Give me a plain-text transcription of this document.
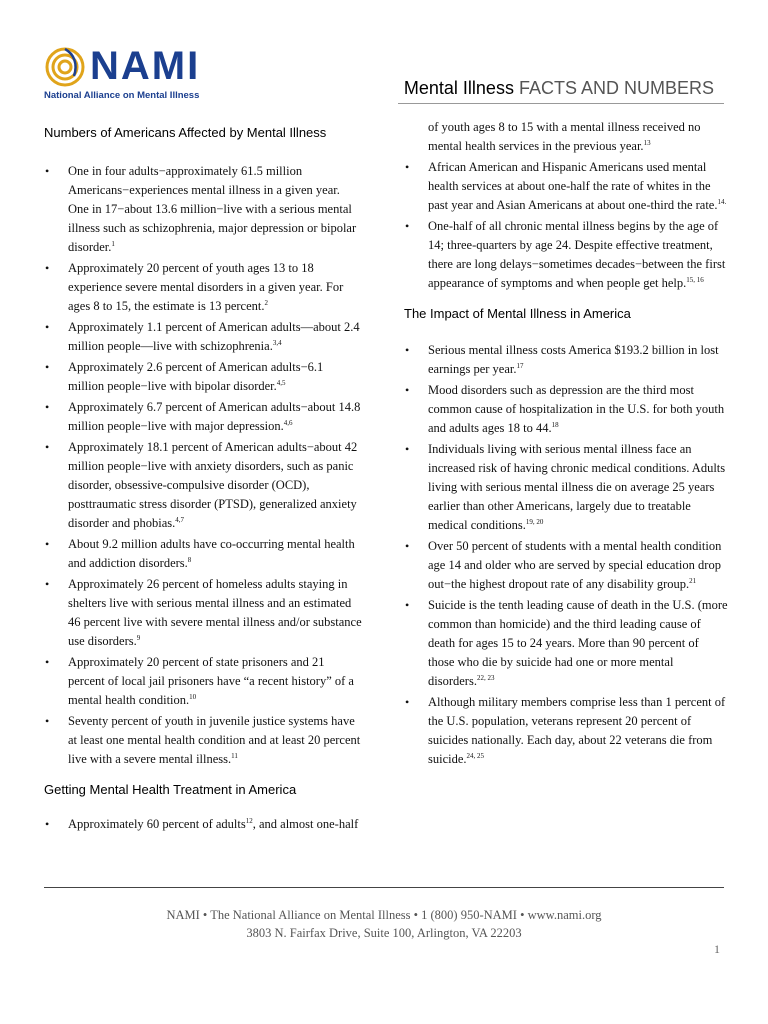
NAMI
National Alliance on Mental Illness	Mental Illness FACTS AND NUMBERS
Numbers of Americans Affected by Mental Illness
• One in four adults−approximately 61.5 million Americans−experiences mental illness in a given year. One in 17−about 13.6 million−live with a serious mental illness such as schizophrenia, major depression or bipolar disorder.$^1$
• Approximately 20 percent of youth ages 13 to 18 experience severe mental disorders in a given year. For ages 8 to 15, the estimate is 13 percent.$^2$
• Approximately 1.1 percent of American adults—about 2.4 million people—live with schizophrenia.$^{3,4}$
• Approximately 2.6 percent of American adults−6.1 million people−live with bipolar disorder.$^{4,5}$
• Approximately 6.7 percent of American adults−about 14.8 million people−live with major depression.$^{4,6}$
• Approximately 18.1 percent of American adults−about 42 million people−live with anxiety disorders, such as panic disorder, obsessive-compulsive disorder (OCD), posttraumatic stress disorder (PTSD), generalized anxiety disorder and phobias.$^{4,7}$
• About 9.2 million adults have co-occurring mental health and addiction disorders.$^8$
• Approximately 26 percent of homeless adults staying in shelters live with serious mental illness and an estimated 46 percent live with severe mental illness and/or substance use disorders.$^9$
• Approximately 20 percent of state prisoners and 21 percent of local jail prisoners have “a recent history” of a mental health condition.$^{10}$
• Seventy percent of youth in juvenile justice systems have at least one mental health condition and at least 20 percent live with a severe mental illness.$^{11}$
Getting Mental Health Treatment in America
• Approximately 60 percent of adults$^{12}$, and almost one-half
of youth ages 8 to 15 with a mental illness received no mental health services in the previous year.$^{13}$
• African American and Hispanic Americans used mental health services at about one-half the rate of whites in the past year and Asian Americans at about one-third the rate.$^{14.}$
• One-half of all chronic mental illness begins by the age of 14; three-quarters by age 24. Despite effective treatment, there are long delays−sometimes decades−between the first appearance of symptoms and when people get help.$^{15, 16}$
The Impact of Mental Illness in America
• Serious mental illness costs America $193.2 billion in lost earnings per year.$^{17}$
• Mood disorders such as depression are the third most common cause of hospitalization in the U.S. for both youth and adults ages 18 to 44.18
• Individuals living with serious mental illness face an increased risk of having chronic medical conditions. Adults living with serious mental illness die on average 25 years earlier than other Americans, largely due to treatable medical conditions.$^{19, 20}$
• Over 50 percent of students with a mental health condition age 14 and older who are served by special education drop out−the highest dropout rate of any disability group.$^{21}$
• Suicide is the tenth leading cause of death in the U.S. (more common than homicide) and the third leading cause of death for ages 15 to 24 years. More than 90 percent of those who die by suicide had one or more mental disorders.$^{22, 23}$
• Although military members comprise less than 1 percent of the U.S. population, veterans represent 20 percent of suicides nationally. Each day, about 22 veterans die from suicide.$^{24, 25}$
NAMI • The National Alliance on Mental Illness • 1 (800) 950-NAMI • www.nami.org
3803 N. Fairfax Drive, Suite 100, Arlington, VA 22203
1
